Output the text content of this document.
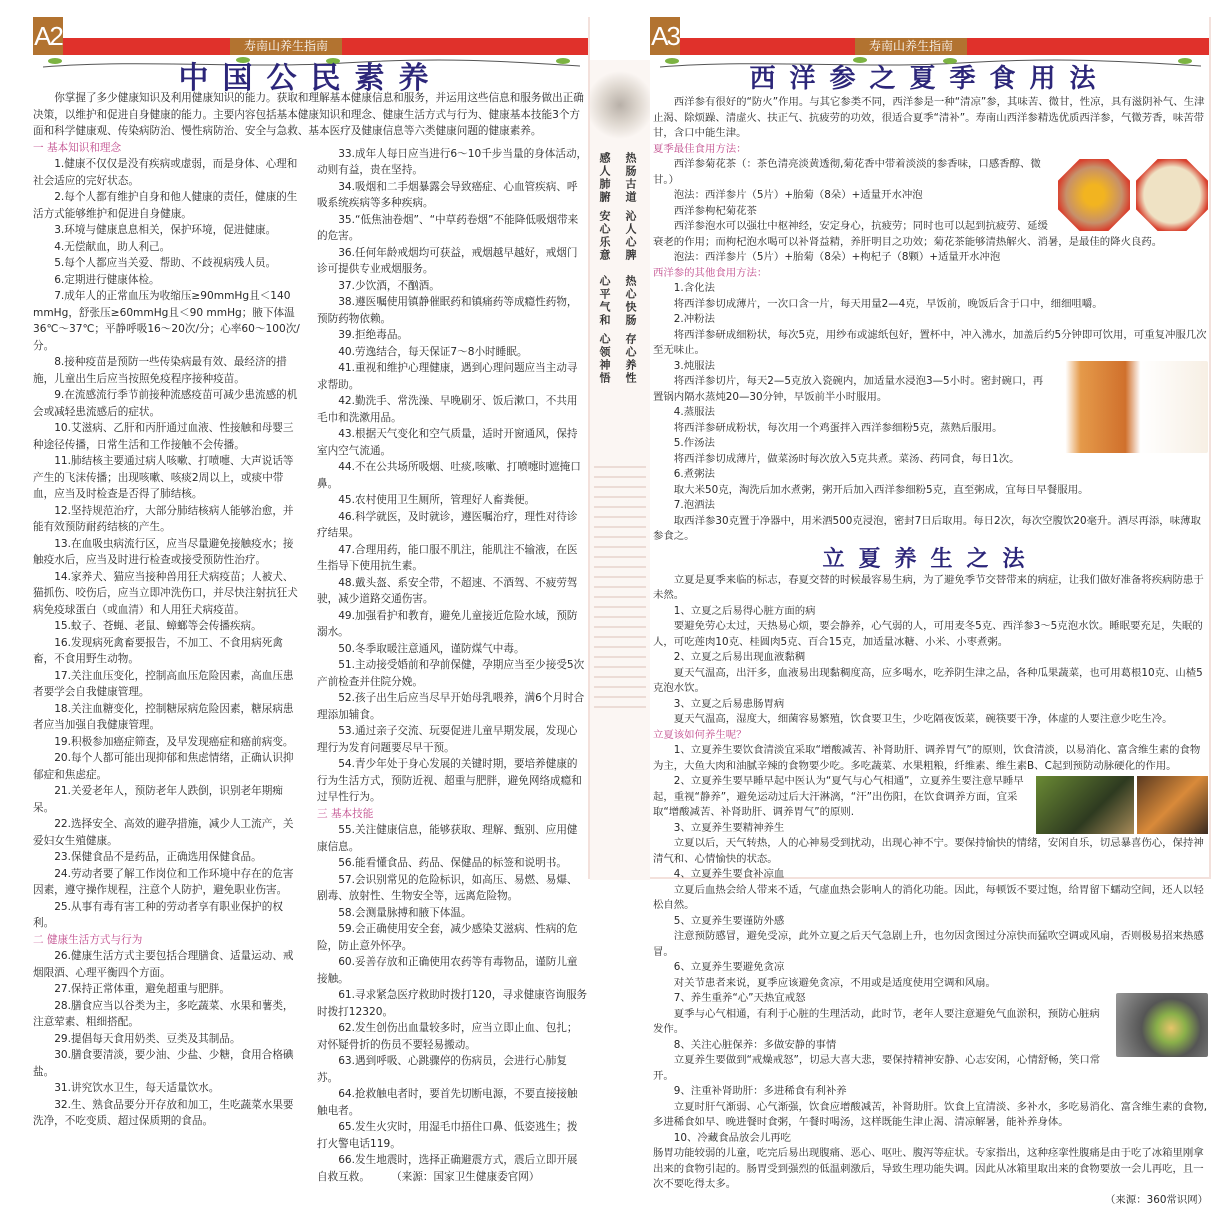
A2	寿南山养生指南
中国公民素养

你掌握了多少健康知识及利用健康知识的能力。获取和理解基本健康信息和服务，并运用这些信息和服务做出正确决策，以维护和促进自身健康的能力。主要内容包括基本健康知识和理念、健康生活方式与行为、健康基本技能3个方面和科学健康观、传染病防治、慢性病防治、安全与急救、基本医疗及健康信息等六类健康问题的健康素养。

一 基本知识和理念

1.健康不仅仅是没有疾病或虚弱，而是身体、心理和社会适应的完好状态。

2.每个人都有维护自身和他人健康的责任，健康的生活方式能够维护和促进自身健康。

3.环境与健康息息相关，保护环境，促进健康。

4.无偿献血，助人利己。

5.每个人都应当关爱、帮助、不歧视病残人员。

6.定期进行健康体检。

7.成年人的正常血压为收缩压≥90mmHg且＜140 mmHg，舒张压≥60mmHg且＜90 mmHg；腋下体温36℃～37℃；平静呼吸16～20次/分；心率60～100次/分。

8.接种疫苗是预防一些传染病最有效、最经济的措施，儿童出生后应当按照免疫程序接种疫苗。

9.在流感流行季节前接种流感疫苗可减少患流感的机会或减轻患流感后的症状。

10.艾滋病、乙肝和丙肝通过血液、性接触和母婴三种途径传播，日常生活和工作接触不会传播。

11.肺结核主要通过病人咳嗽、打喷嚏、大声说话等产生的飞沫传播；出现咳嗽、咳痰2周以上，或痰中带血，应当及时检查是否得了肺结核。

12.坚持规范治疗，大部分肺结核病人能够治愈，并能有效预防耐药结核的产生。

13.在血吸虫病流行区，应当尽量避免接触疫水；接触疫水后，应当及时进行检查或接受预防性治疗。

14.家养犬、猫应当接种兽用狂犬病疫苗；人被犬、猫抓伤、咬伤后，应当立即冲洗伤口，并尽快注射抗狂犬病免疫球蛋白（或血清）和人用狂犬病疫苗。

15.蚊子、苍蝇、老鼠、蟑螂等会传播疾病。

16.发现病死禽畜要报告，不加工、不食用病死禽畜，不食用野生动物。

17.关注血压变化，控制高血压危险因素，高血压患者要学会自我健康管理。

18.关注血糖变化，控制糖尿病危险因素，糖尿病患者应当加强自我健康管理。

19.积极参加癌症筛查，及早发现癌症和癌前病变。

20.每个人都可能出现抑郁和焦虑情绪，正确认识抑郁症和焦虑症。

21.关爱老年人，预防老年人跌倒，识别老年期痴呆。

22.选择安全、高效的避孕措施，减少人工流产，关爱妇女生殖健康。

23.保健食品不是药品，正确选用保健食品。

24.劳动者要了解工作岗位和工作环境中存在的危害因素，遵守操作规程，注意个人防护，避免职业伤害。

25.从事有毒有害工种的劳动者享有职业保护的权利。

二 健康生活方式与行为

26.健康生活方式主要包括合理膳食、适量运动、戒烟限酒、心理平衡四个方面。

27.保持正常体重，避免超重与肥胖。

28.膳食应当以谷类为主，多吃蔬菜、水果和薯类，注意荤素、粗细搭配。

29.提倡每天食用奶类、豆类及其制品。

30.膳食要清淡，要少油、少盐、少糖，食用合格碘盐。

31.讲究饮水卫生，每天适量饮水。

32.生、熟食品要分开存放和加工，生吃蔬菜水果要洗净，不吃变质、超过保质期的食品。

33.成年人每日应当进行6～10千步当量的身体活动，动则有益，贵在坚持。

34.吸烟和二手烟暴露会导致癌症、心血管疾病、呼吸系统疾病等多种疾病。

35.“低焦油卷烟”、“中草药卷烟”不能降低吸烟带来的危害。

36.任何年龄戒烟均可获益，戒烟越早越好，戒烟门诊可提供专业戒烟服务。

37.少饮酒，不酗酒。

38.遵医嘱使用镇静催眠药和镇痛药等成瘾性药物，预防药物依赖。

39.拒绝毒品。

40.劳逸结合，每天保证7～8小时睡眠。

41.重视和维护心理健康，遇到心理问题应当主动寻求帮助。

42.勤洗手、常洗澡、早晚刷牙、饭后漱口，不共用毛巾和洗漱用品。

43.根据天气变化和空气质量，适时开窗通风，保持室内空气流通。

44.不在公共场所吸烟、吐痰,咳嗽、打喷嚏时遮掩口鼻。

45.农村使用卫生厕所，管理好人畜粪便。

46.科学就医，及时就诊，遵医嘱治疗，理性对待诊疗结果。

47.合理用药，能口服不肌注，能肌注不输液，在医生指导下使用抗生素。

48.戴头盔、系安全带，不超速、不酒驾、不疲劳驾驶，减少道路交通伤害。

49.加强看护和教育，避免儿童接近危险水域，预防溺水。

50.冬季取暖注意通风，谨防煤气中毒。

51.主动接受婚前和孕前保健，孕期应当至少接受5次产前检查并住院分娩。

52.孩子出生后应当尽早开始母乳喂养，满6个月时合理添加辅食。

53.通过亲子交流、玩耍促进儿童早期发展，发现心理行为发育问题要尽早干预。

54.青少年处于身心发展的关键时期，要培养健康的行为生活方式，预防近视、超重与肥胖，避免网络成瘾和过早性行为。

三 基本技能

55.关注健康信息，能够获取、理解、甄别、应用健康信息。

56.能看懂食品、药品、保健品的标签和说明书。

57.会识别常见的危险标识，如高压、易燃、易爆、剧毒、放射性、生物安全等，远离危险物。

58.会测量脉搏和腋下体温。

59.会正确使用安全套，减少感染艾滋病、性病的危险，防止意外怀孕。

60.妥善存放和正确使用农药等有毒物品，谨防儿童接触。

61.寻求紧急医疗救助时拨打120，寻求健康咨询服务时拨打12320。

62.发生创伤出血量较多时，应当立即止血、包扎；对怀疑骨折的伤员不要轻易搬动。

63.遇到呼吸、心跳骤停的伤病员，会进行心肺复苏。

64.抢救触电者时，要首先切断电源，不要直接接触触电者。

65.发生火灾时，用湿毛巾捂住口鼻、低姿逃生；拨打火警电话119。

66.发生地震时，选择正确避震方式，震后立即开展自救互救。　　　（来源：国家卫生健康委官网）

热肠古道 沁人心脾　热心快肠 存心养性
感人肺腑 安心乐意　心平气和 心领神悟
A3	寿南山养生指南
西洋参之夏季食用法

西洋参有很好的“防火”作用。与其它参类不同，西洋参是一种“清凉”参，其味苦、微甘，性凉，具有滋阴补气、生津止渴、除烦躁、清虚火、扶正气、抗疲劳的功效，很适合夏季“清补”。寿南山西洋参精选优质西洋参，气微芳香，味苦带甘，含口中能生津。

夏季最佳食用方法：

西洋参菊花茶（：茶色清亮淡黄透彻,菊花香中带着淡淡的参香味，口感香醇、微甘。）

泡法：西洋参片（5片）+胎菊（8朵）+适量开水冲泡

西洋参枸杞菊花茶

西洋参泡水可以强壮中枢神经，安定身心，抗疲劳；同时也可以起到抗疲劳、延缓衰老的作用；而枸杞泡水喝可以补肾益精，养肝明目之功效；菊花茶能够清热解火、消暑，是最佳的降火良药。

泡法：西洋参片（5片）+胎菊（8朵）+枸杞子（8颗）+适量开水冲泡

西洋参的其他食用方法：

1.含化法

将西洋参切成薄片，一次口含一片，每天用量2—4克，早饭前，晚饭后含于口中，细细咀嚼。

2.冲粉法

将西洋参研成细粉状，每次5克，用纱布或滤纸包好，置杯中，冲入沸水，加盖后约5分钟即可饮用，可重复冲服几次至无味止。

3.炖服法

将西洋参切片，每天2—5克放入瓷碗内，加适量水浸泡3—5小时。密封碗口，再置锅内隔水蒸炖20—30分钟，早饭前半小时服用。

4.蒸服法

将西洋参研成粉状，每次用一个鸡蛋拌入西洋参细粉5克，蒸熟后服用。

5.作汤法

将西洋参切成薄片，做菜汤时每次放入5克共煮。菜汤、药同食，每日1次。

6.煮粥法

取大米50克，淘洗后加水煮粥，粥开后加入西洋参细粉5克，直至粥成，宜每日早餐服用。

7.泡酒法

取西洋参30克置于净器中，用米酒500克浸泡，密封7日后取用。每日2次，每次空腹饮20毫升。酒尽再添，味薄取参食之。

立夏养生之法

立夏是夏季来临的标志，春夏交替的时候最容易生病，为了避免季节交替带来的病症，让我们做好准备将疾病防患于未然。

1、立夏之后易得心脏方面的病

要避免劳心太过，天热易心烦，要会静养，心气弱的人，可用麦冬5克、西洋参3～5克泡水饮。睡眠要充足，失眠的人，可吃莲肉10克、桂圆肉5克、百合15克，加适量冰糖、小米、小枣煮粥。

2、立夏之后易出现血液黏稠

夏天气温高，出汗多，血液易出现黏稠度高，应多喝水，吃养阴生津之品，各种瓜果蔬菜，也可用葛根10克、山楂5克泡水饮。

3、立夏之后易患肠胃病

夏天气温高，湿度大，细菌容易繁殖，饮食要卫生，少吃隔夜饭菜，碗筷要干净，体虚的人要注意少吃生冷。

立夏该如何养生呢？

1、立夏养生要饮食清淡宜采取“增酸减苦、补肾助肝、调养胃气”的原则，饮食清淡，以易消化、富含维生素的食物为主，大鱼大肉和油腻辛辣的食物要少吃。多吃蔬菜、水果粗粮，纤维素、维生素B、C起到预防动脉硬化的作用。

2、立夏养生要早睡早起中医认为“夏气与心气相通”，立夏养生要注意早睡早起，重视“静养”，避免运动过后大汗淋漓，“汗”出伤阳，在饮食调养方面，宜采取“增酸减苦、补肾助肝、调养胃气”的原则.

3、立夏养生要精神养生

立夏以后，天气转热，人的心神易受到扰动，出现心神不宁。要保持愉快的情绪，安闲自乐，切忌暴喜伤心，保持神清气和、心情愉快的状态。

4、立夏养生要食补凉血

立夏后血热会给人带来不适，气虚血热会影响人的消化功能。因此，每顿饭不要过饱，给胃留下蠕动空间，还人以轻松自然。

5、立夏养生要谨防外感

注意预防感冒，避免受凉，此外立夏之后天气急剧上升，也勿因贪图过分凉快而猛吹空调或风扇，否则极易招来热感冒。

6、立夏养生要避免贪凉

对关节患者来说，夏季应该避免贪凉，不用或是适度使用空调和风扇。

7、养生重养“心”天热宜戒怒

夏季与心气相通，有利于心脏的生理活动，此时节，老年人要注意避免气血淤积，预防心脏病发作。

8、关注心脏保养：多做安静的事情

立夏养生要做到“戒燥戒怒”，切忌大喜大悲，要保持精神安静、心志安闲，心情舒畅，笑口常开。

9、注重补肾助肝：多进稀食有利补养

立夏时肝气渐弱、心气渐强，饮食应增酸减苦，补肾助肝。饮食上宜清淡、多补水，多吃易消化、富含维生素的食物,多进稀食如早、晚进餐时食粥，午餐时喝汤，这样既能生津止渴、清凉解暑，能补养身体。

10、冷藏食品放会儿再吃

肠胃功能较弱的儿童，吃完后易出现腹痛、恶心、呕吐、腹泻等症状。专家指出，这种痉挛性腹痛是由于吃了冰箱里刚拿出来的食物引起的。肠胃受到强烈的低温刺激后，导致生理功能失调。因此从冰箱里取出来的食物要放一会儿再吃，且一次不要吃得太多。

（来源：360常识网）
